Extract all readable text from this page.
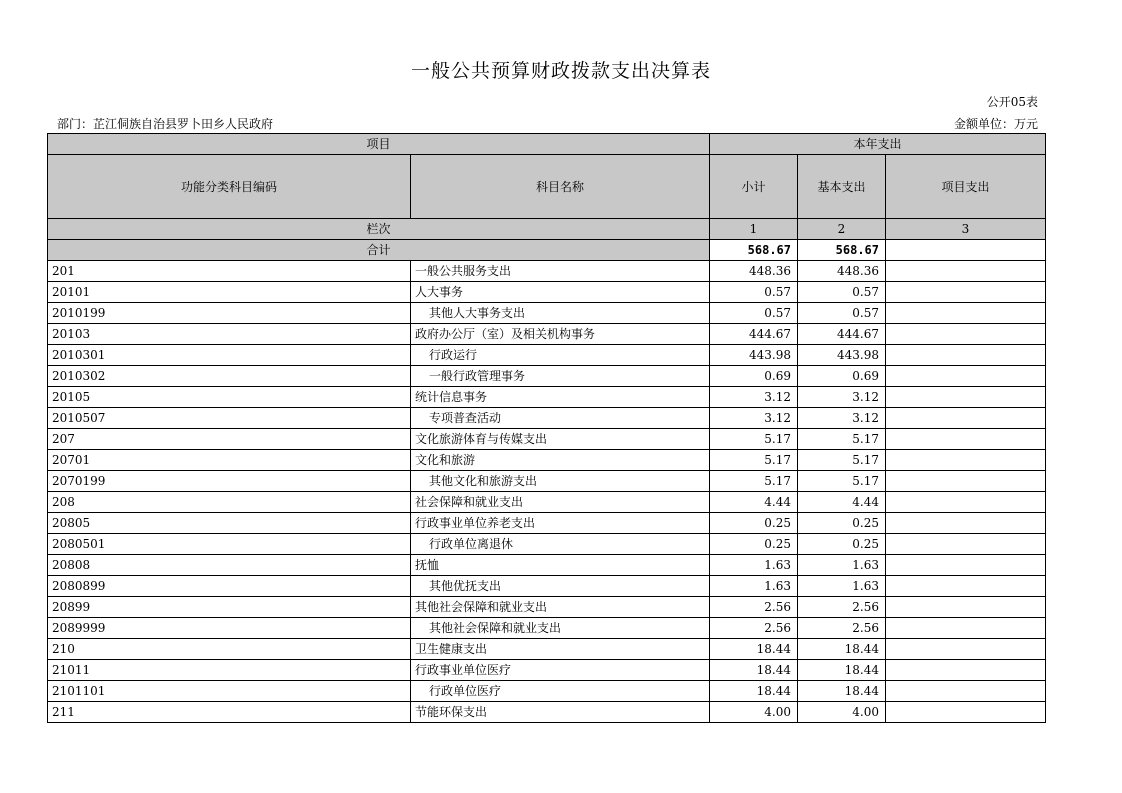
一般公共预算财政拨款支出决算表
公开05表
部门：芷江侗族自治县罗卜田乡人民政府	金额单位：万元
项目		本年支出		
功能分类科目编码	科目名称	小计	基本支出	项目支出
栏次		1	2	3
合计		568.67	568.67	
201	一般公共服务支出	448.36	448.36	
20101	人大事务	0.57	0.57	
2010199	其他人大事务支出	0.57	0.57	
20103	政府办公厅（室）及相关机构事务	444.67	444.67	
2010301	行政运行	443.98	443.98	
2010302	一般行政管理事务	0.69	0.69	
20105	统计信息事务	3.12	3.12	
2010507	专项普查活动	3.12	3.12	
207	文化旅游体育与传媒支出	5.17	5.17	
20701	文化和旅游	5.17	5.17	
2070199	其他文化和旅游支出	5.17	5.17	
208	社会保障和就业支出	4.44	4.44	
20805	行政事业单位养老支出	0.25	0.25	
2080501	行政单位离退休	0.25	0.25	
20808	抚恤	1.63	1.63	
2080899	其他优抚支出	1.63	1.63	
20899	其他社会保障和就业支出	2.56	2.56	
2089999	其他社会保障和就业支出	2.56	2.56	
210	卫生健康支出	18.44	18.44	
21011	行政事业单位医疗	18.44	18.44	
2101101	行政单位医疗	18.44	18.44	
211	节能环保支出	4.00	4.00	
